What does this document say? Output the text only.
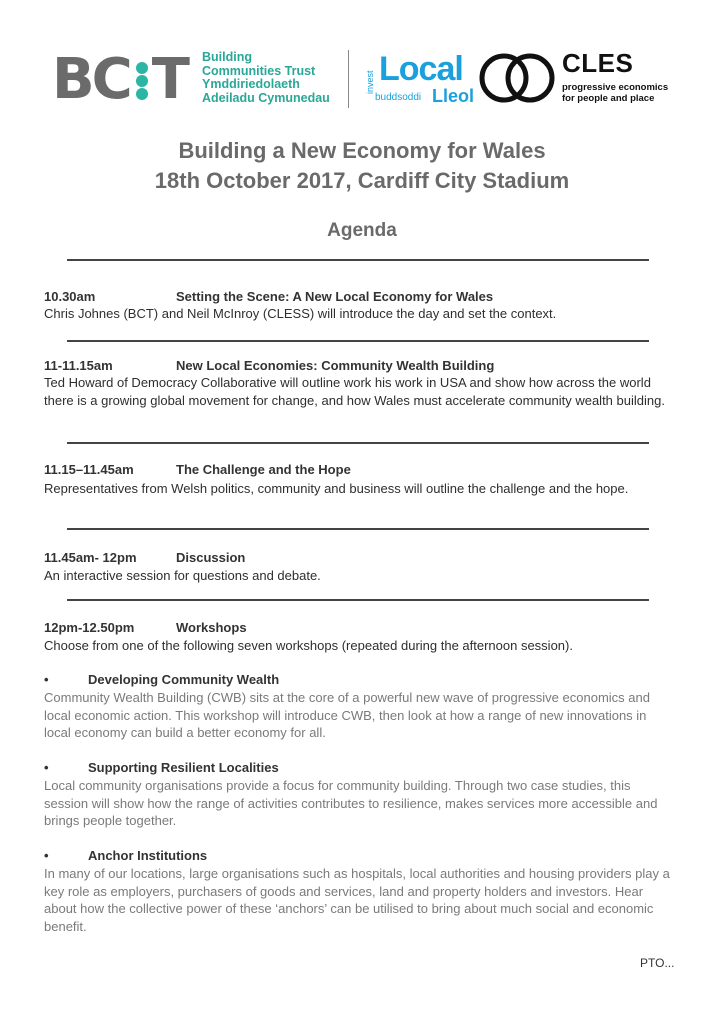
BC T Building
Communities Trust
Ymddiriedolaeth
Adeiladu Cymunedau
invest Local
buddsoddi Lleol
CLES
progressive economics
for people and place
Building a New Economy for Wales
18th October 2017, Cardiff City Stadium
Agenda
10.30am	Setting the Scene: A New Local Economy for Wales
Chris Johnes (BCT) and Neil McInroy (CLESS) will introduce the day and set the context.
11-11.15am	New Local Economies: Community Wealth Building
Ted Howard of Democracy Collaborative will outline work his work in USA and show how across the world there is a growing global movement for change, and how Wales must accelerate community wealth building.
11.15–11.45am	The Challenge and the Hope
Representatives from Welsh politics, community and business will outline the challenge and the hope.
11.45am- 12pm	Discussion
An interactive session for questions and debate.
12pm-12.50pm	Workshops
Choose from one of the following seven workshops (repeated during the afternoon session).
•	Developing Community Wealth
Community Wealth Building (CWB) sits at the core of a powerful new wave of progressive economics and local economic action. This workshop will introduce CWB, then look at how a range of new innovations in local economy can build a better economy for all.
•	Supporting Resilient Localities
Local community organisations provide a focus for community building. Through two case studies, this session will show how the range of activities contributes to resilience, makes services more accessible and brings people together.
•	Anchor Institutions
In many of our locations, large organisations such as hospitals, local authorities and housing providers play a key role as employers, purchasers of goods and services, land and property holders and investors. Hear about how the collective power of these ‘anchors’ can be utilised to bring about much social and economic benefit.
PTO...
